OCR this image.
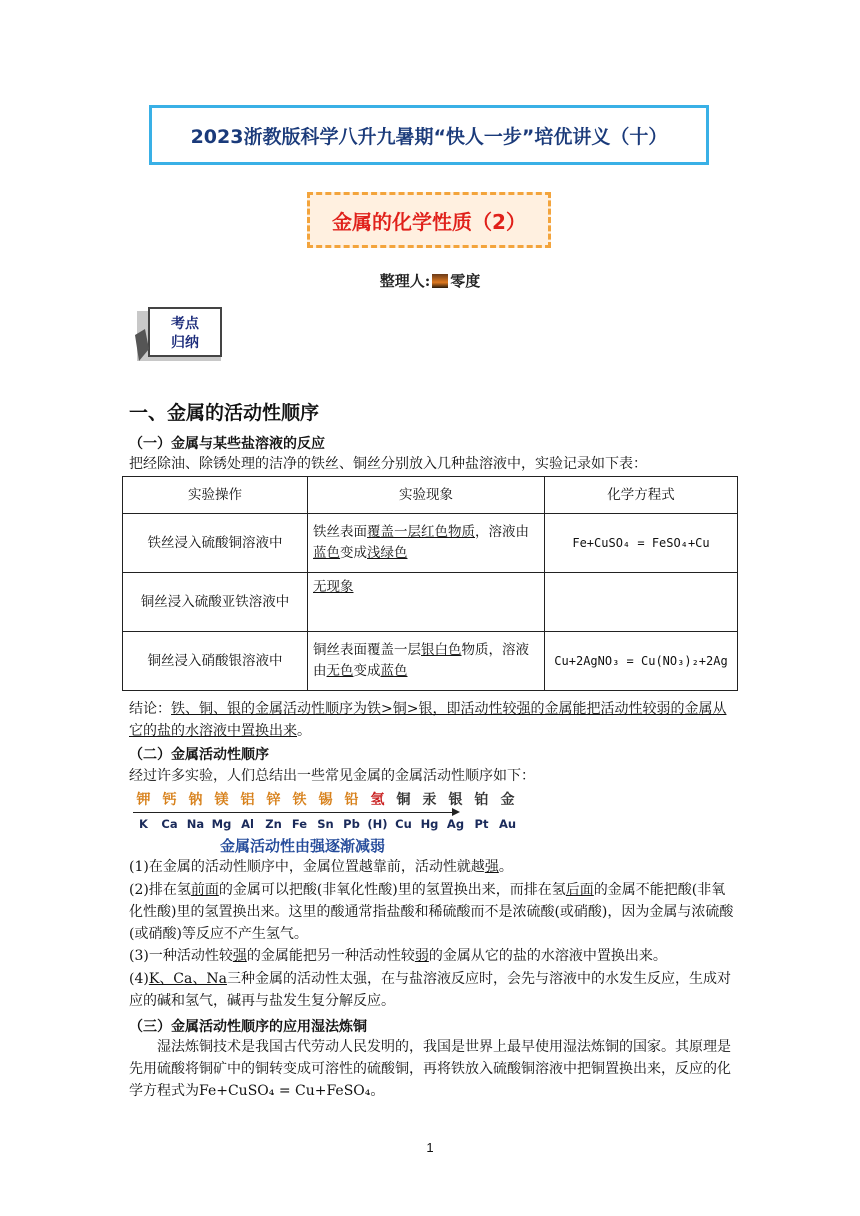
2023浙教版科学八升九暑期“快人一步”培优讲义（十）
金属的化学性质（2）
整理人: 零度
考点
归纳
一、金属的活动性顺序
（一）金属与某些盐溶液的反应
把经除油、除锈处理的洁净的铁丝、铜丝分别放入几种盐溶液中，实验记录如下表：
实验操作	实验现象	化学方程式
铁丝浸入硫酸铜溶液中	铁丝表面覆盖一层红色物质，溶液由蓝色变成浅绿色	Fe+CuSO₄ = FeSO₄+Cu
铜丝浸入硫酸亚铁溶液中	无现象	
铜丝浸入硝酸银溶液中	铜丝表面覆盖一层银白色物质，溶液由无色变成蓝色	Cu+2AgNO₃ = Cu(NO₃)₂+2Ag
结论：铁、铜、银的金属活动性顺序为铁>铜>银，即活动性较强的金属能把活动性较弱的金属从它的盐的水溶液中置换出来。
（二）金属活动性顺序
经过许多实验，人们总结出一些常见金属的金属活动性顺序如下：
钾 钙 钠 镁 铝 锌 铁 锡 铅 氢 铜 汞 银 铂 金
K	Ca Na Mg Al Zn Fe Sn Pb (H) Cu Hg Ag Pt Au
金属活动性由强逐渐减弱
(1)在金属的活动性顺序中，金属位置越靠前，活动性就越强。
(2)排在氢前面的金属可以把酸(非氧化性酸)里的氢置换出来，而排在氢后面的金属不能把酸(非氧化性酸)里的氢置换出来。这里的酸通常指盐酸和稀硫酸而不是浓硫酸(或硝酸)，因为金属与浓硫酸(或硝酸)等反应不产生氢气。
(3)一种活动性较强的金属能把另一种活动性较弱的金属从它的盐的水溶液中置换出来。
(4)K、Ca、Na三种金属的活动性太强，在与盐溶液反应时，会先与溶液中的水发生反应，生成对应的碱和氢气，碱再与盐发生复分解反应。
（三）金属活动性顺序的应用湿法炼铜
湿法炼铜技术是我国古代劳动人民发明的，我国是世界上最早使用湿法炼铜的国家。其原理是先用硫酸将铜矿中的铜转变成可溶性的硫酸铜，再将铁放入硫酸铜溶液中把铜置换出来，反应的化学方程式为Fe+CuSO₄ = Cu+FeSO₄。
1
